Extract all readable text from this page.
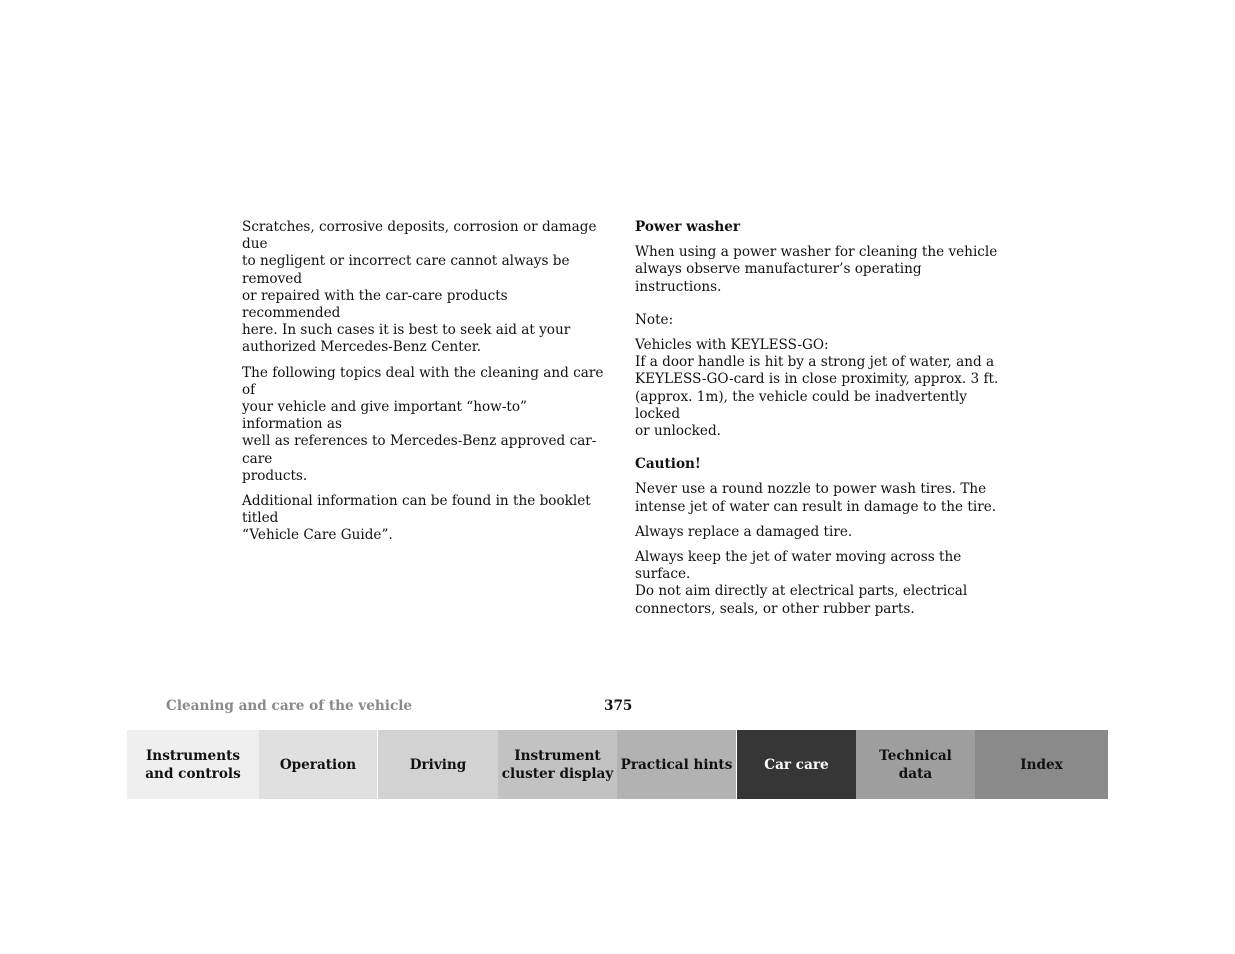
Scratches, corrosive deposits, corrosion or damage due
to negligent or incorrect care cannot always be removed
or repaired with the car-care products recommended
here. In such cases it is best to seek aid at your
authorized Mercedes-Benz Center.

The following topics deal with the cleaning and care of
your vehicle and give important “how-to” information as
well as references to Mercedes-Benz approved car-care
products.

Additional information can be found in the booklet titled
“Vehicle Care Guide”.

Power washer

When using a power washer for cleaning the vehicle
always observe manufacturer’s operating instructions.

Note:

Vehicles with KEYLESS-GO:
If a door handle is hit by a strong jet of water, and a
KEYLESS-GO-card is in close proximity, approx. 3 ft.
(approx. 1m), the vehicle could be inadvertently locked
or unlocked.

Caution!

Never use a round nozzle to power wash tires. The
intense jet of water can result in damage to the tire.

Always replace a damaged tire.

Always keep the jet of water moving across the surface.
Do not aim directly at electrical parts, electrical
connectors, seals, or other rubber parts.

Cleaning and care of the vehicle	375
Instruments
and controls
Operation	Driving
Instrument
cluster display
Practical hints	Car care
Technical
data
Index
